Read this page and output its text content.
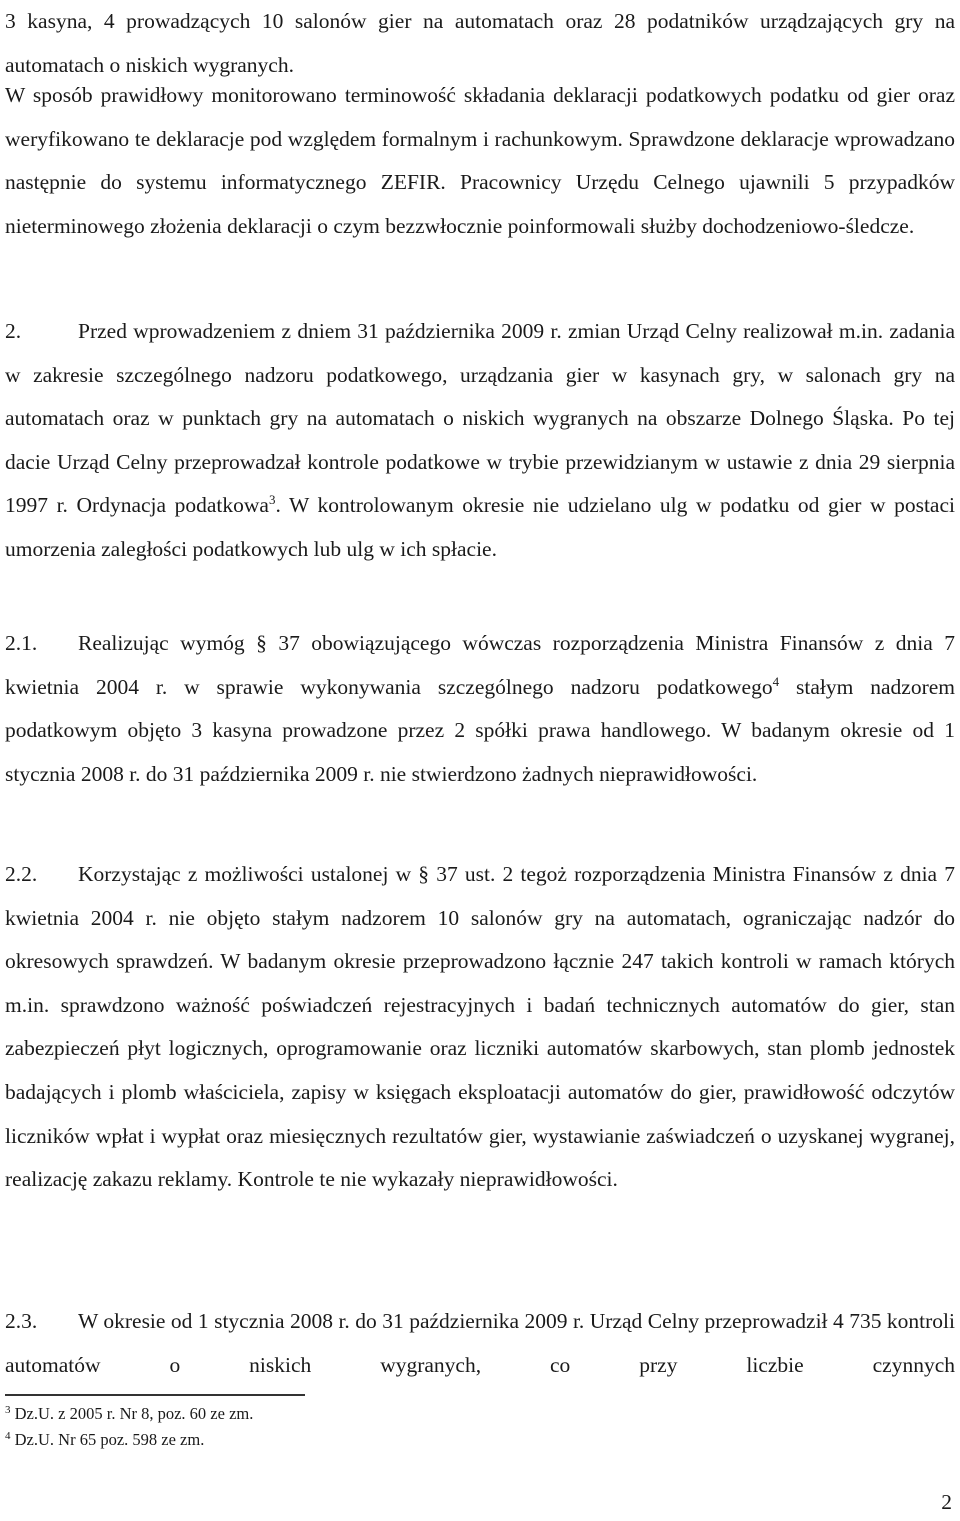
3 kasyna, 4 prowadzących 10 salonów gier na automatach oraz 28 podatników urządzających gry na automatach o niskich wygranych.

W sposób prawidłowy monitorowano terminowość składania deklaracji podatkowych podatku od gier oraz weryfikowano te deklaracje pod względem formalnym i rachunkowym. Sprawdzone deklaracje wprowadzano następnie do systemu informatycznego ZEFIR. Pracownicy Urzędu Celnego ujawnili 5 przypadków nieterminowego złożenia deklaracji o czym bezzwłocznie poinformowali służby dochodzeniowo-śledcze.

2.	Przed wprowadzeniem z dniem 31 października 2009 r. zmian Urząd Celny realizował m.in. zadania w zakresie szczególnego nadzoru podatkowego, urządzania gier w kasynach gry, w salonach gry na automatach oraz w punktach gry na automatach o niskich wygranych na obszarze Dolnego Śląska. Po tej dacie Urząd Celny przeprowadzał kontrole podatkowe w trybie przewidzianym w ustawie z dnia 29 sierpnia 1997 r. Ordynacja podatkowa$^3$. W kontrolowanym okresie nie udzielano ulg w podatku od gier w postaci umorzenia zaległości podatkowych lub ulg w ich spłacie.

2.1. Realizując wymóg § 37 obowiązującego wówczas rozporządzenia Ministra Finansów z dnia 7 kwietnia 2004 r. w sprawie wykonywania szczególnego nadzoru podatkowego$^4$ stałym nadzorem podatkowym objęto 3 kasyna prowadzone przez 2 spółki prawa handlowego. W badanym okresie od 1 stycznia 2008 r. do 31 października 2009 r. nie stwierdzono żadnych nieprawidłowości.

2.2. Korzystając z możliwości ustalonej w § 37 ust. 2 tegoż rozporządzenia Ministra Finansów z dnia 7 kwietnia 2004 r. nie objęto stałym nadzorem 10 salonów gry na automatach, ograniczając nadzór do okresowych sprawdzeń. W badanym okresie przeprowadzono łącznie 247 takich kontroli w ramach których m.in. sprawdzono ważność poświadczeń rejestracyjnych i badań technicznych automatów do gier, stan zabezpieczeń płyt logicznych, oprogramowanie oraz liczniki automatów skarbowych, stan plomb jednostek badających i plomb właściciela, zapisy w księgach eksploatacji automatów do gier, prawidłowość odczytów liczników wpłat i wypłat oraz miesięcznych rezultatów gier, wystawianie zaświadczeń o uzyskanej wygranej, realizację zakazu reklamy. Kontrole te nie wykazały nieprawidłowości.

2.3. W okresie od 1 stycznia 2008 r. do 31 października 2009 r. Urząd Celny przeprowadził 4 735 kontroli automatów o niskich wygranych, co przy liczbie czynnych

$^3$ Dz.U. z 2005 r. Nr 8, poz. 60 ze zm.

$^4$ Dz.U. Nr 65 poz. 598 ze zm.

2
